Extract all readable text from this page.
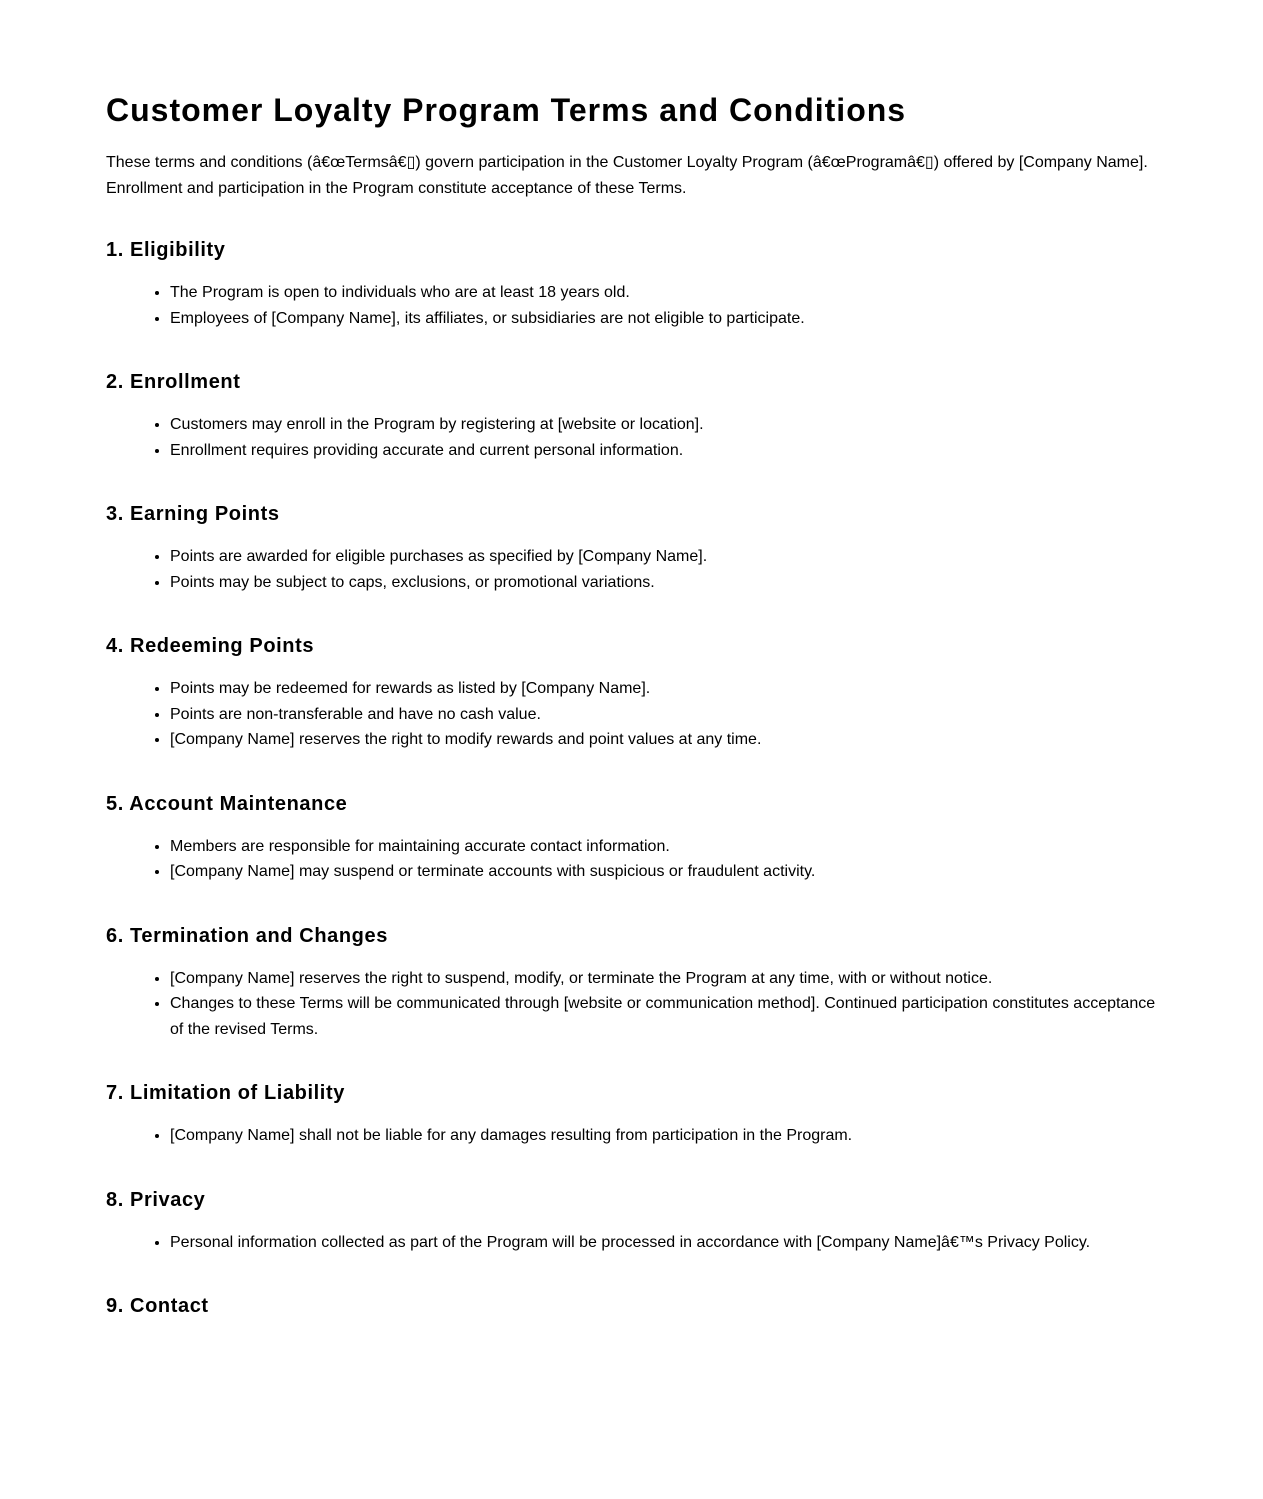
Customer Loyalty Program Terms and Conditions

These terms and conditions (â€œTermsâ€▯) govern participation in the Customer Loyalty Program (â€œProgramâ€▯) offered by [Company Name]. Enrollment and participation in the Program constitute acceptance of these Terms.

1. Eligibility
• The Program is open to individuals who are at least 18 years old.
• Employees of [Company Name], its affiliates, or subsidiaries are not eligible to participate.
2. Enrollment
• Customers may enroll in the Program by registering at [website or location].
• Enrollment requires providing accurate and current personal information.
3. Earning Points
• Points are awarded for eligible purchases as specified by [Company Name].
• Points may be subject to caps, exclusions, or promotional variations.
4. Redeeming Points
• Points may be redeemed for rewards as listed by [Company Name].
• Points are non-transferable and have no cash value.
• [Company Name] reserves the right to modify rewards and point values at any time.
5. Account Maintenance
• Members are responsible for maintaining accurate contact information.
• [Company Name] may suspend or terminate accounts with suspicious or fraudulent activity.
6. Termination and Changes
• [Company Name] reserves the right to suspend, modify, or terminate the Program at any time, with or without notice.
• Changes to these Terms will be communicated through [website or communication method]. Continued participation constitutes acceptance of the revised Terms.
7. Limitation of Liability
• [Company Name] shall not be liable for any damages resulting from participation in the Program.
8. Privacy
• Personal information collected as part of the Program will be processed in accordance with [Company Name]â€™s Privacy Policy.
9. Contact
